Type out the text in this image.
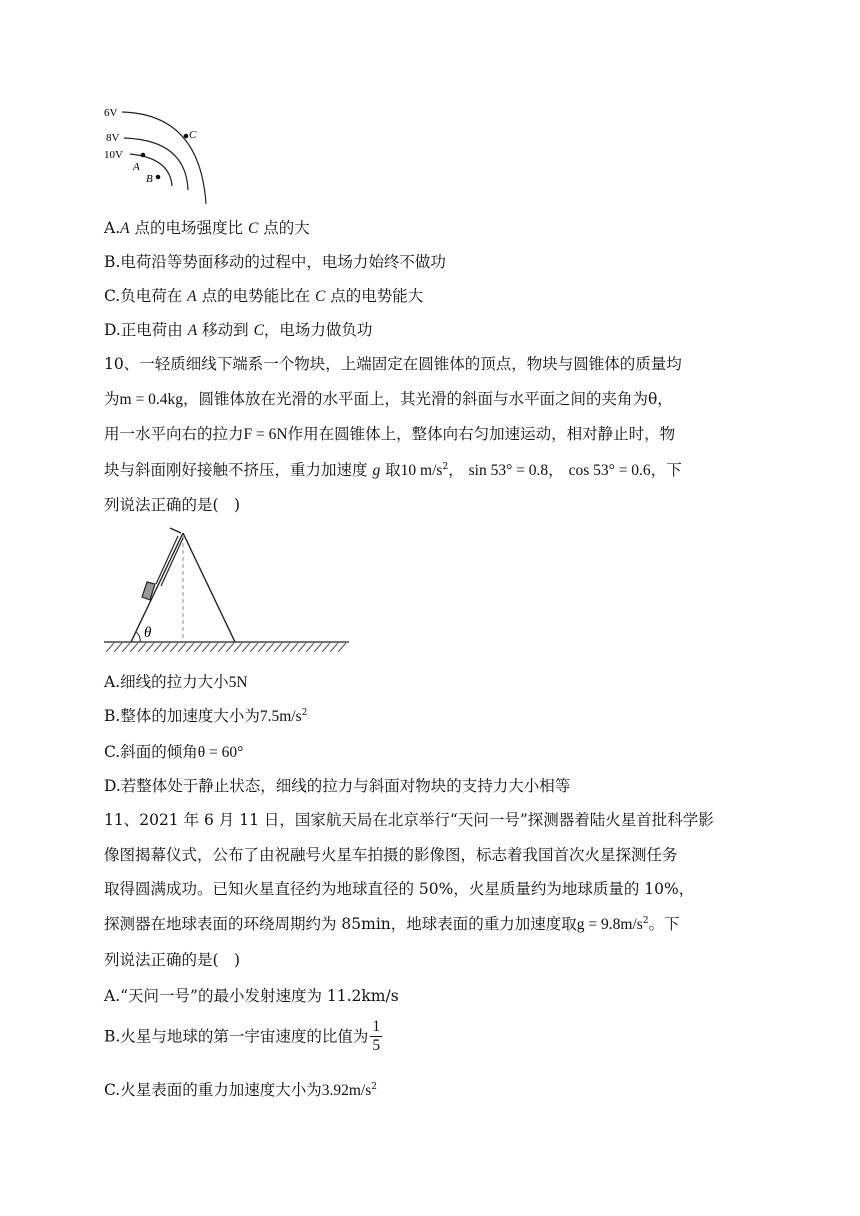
6V
8V
10V
A
B
C
A.A 点的电场强度比 C 点的大
B.电荷沿等势面移动的过程中，电场力始终不做功
C.负电荷在 A 点的电势能比在 C 点的电势能大
D.正电荷由 A 移动到 C，电场力做负功
10、一轻质细线下端系一个物块，上端固定在圆锥体的顶点，物块与圆锥体的质量均
为m = 0.4kg，圆锥体放在光滑的水平面上，其光滑的斜面与水平面之间的夹角为θ，
用一水平向右的拉力F = 6N作用在圆锥体上，整体向右匀加速运动，相对静止时，物
块与斜面刚好接触不挤压，重力加速度 g 取10 $m/s^2$， sin 53° = 0.8， cos 53° = 0.6，下
列说法正确的是(　)
θ
A.细线的拉力大小5N
B.整体的加速度大小为$7.5m/s^2$
C.斜面的倾角θ = 60°
D.若整体处于静止状态，细线的拉力与斜面对物块的支持力大小相等
11、2021 年 6 月 11 日，国家航天局在北京举行“天问一号”探测器着陆火星首批科学影
像图揭幕仪式，公布了由祝融号火星车拍摄的影像图，标志着我国首次火星探测任务
取得圆满成功。已知火星直径约为地球直径的 50%，火星质量约为地球质量的 10%，
探测器在地球表面的环绕周期约为 85min，地球表面的重力加速度取$g = 9.8m/s^2$。下
列说法正确的是(　)
A.“天问一号”的最小发射速度为 11.2km/s
B.火星与地球的第一宇宙速度的比值为 $\frac{1}{5}$
C.火星表面的重力加速度大小为$3.92m/s^2$
